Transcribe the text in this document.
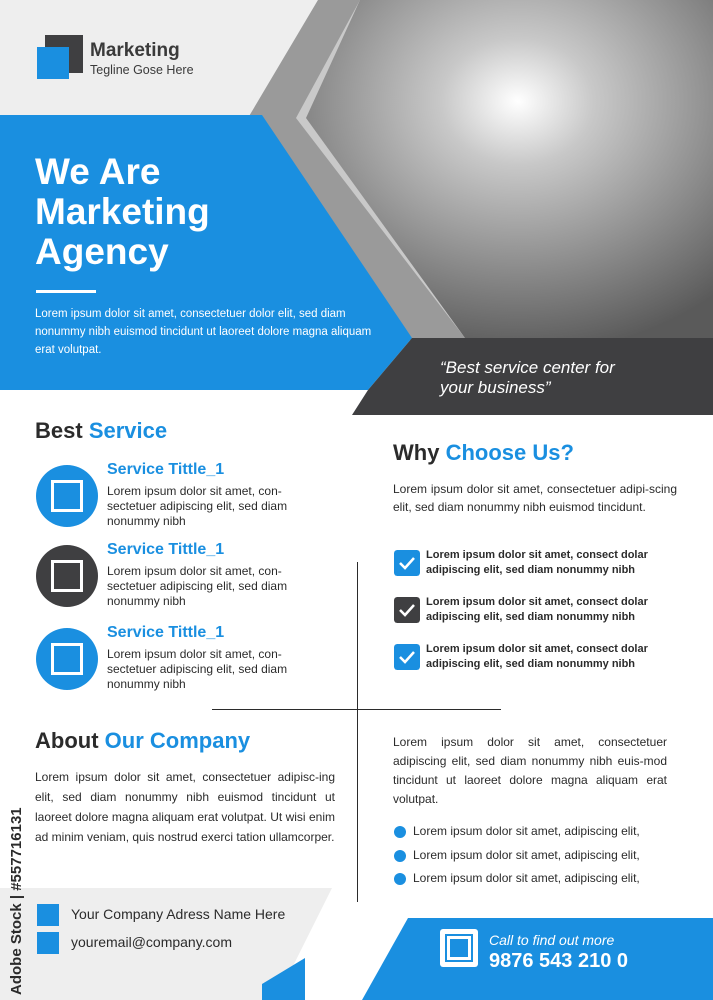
Marketing
Tegline Gose Here
We Are Marketing Agency
Lorem ipsum dolor sit amet, consectetuer dolor elit, sed diam nonummy nibh euismod tincidunt ut laoreet dolore magna aliquam erat volutpat.
“Best service center for
your business”
Best Service
Service Tittle_1
Lorem ipsum dolor sit amet, con-sectetuer adipiscing elit, sed diam nonummy nibh
Service Tittle_1
Lorem ipsum dolor sit amet, con-sectetuer adipiscing elit, sed diam nonummy nibh
Service Tittle_1
Lorem ipsum dolor sit amet, con-sectetuer adipiscing elit, sed diam nonummy nibh
Why Choose Us?
Lorem ipsum dolor sit amet, consectetuer adipi-scing elit, sed diam nonummy nibh euismod tincidunt.
Lorem ipsum dolor sit amet, consect dolar adipiscing elit, sed diam nonummy nibh
Lorem ipsum dolor sit amet, consect dolar adipiscing elit, sed diam nonummy nibh
Lorem ipsum dolor sit amet, consect dolar adipiscing elit, sed diam nonummy nibh
About Our Company
Lorem ipsum dolor sit amet, consectetuer adipisc-ing elit, sed diam nonummy nibh euismod tincidunt ut laoreet dolore magna aliquam erat volutpat. Ut wisi enim ad minim veniam, quis nostrud exerci tation ullamcorper.
Lorem ipsum dolor sit amet, consectetuer adipiscing elit, sed diam nonummy nibh euis-mod tincidunt ut laoreet dolore magna aliquam erat volutpat.
Lorem ipsum dolor sit amet, adipiscing elit,
Lorem ipsum dolor sit amet, adipiscing elit,
Lorem ipsum dolor sit amet, adipiscing elit,
Your Company Adress Name Here
youremail@company.com	Call to find out more
9876 543 210 0
Adobe Stock | #557716131
